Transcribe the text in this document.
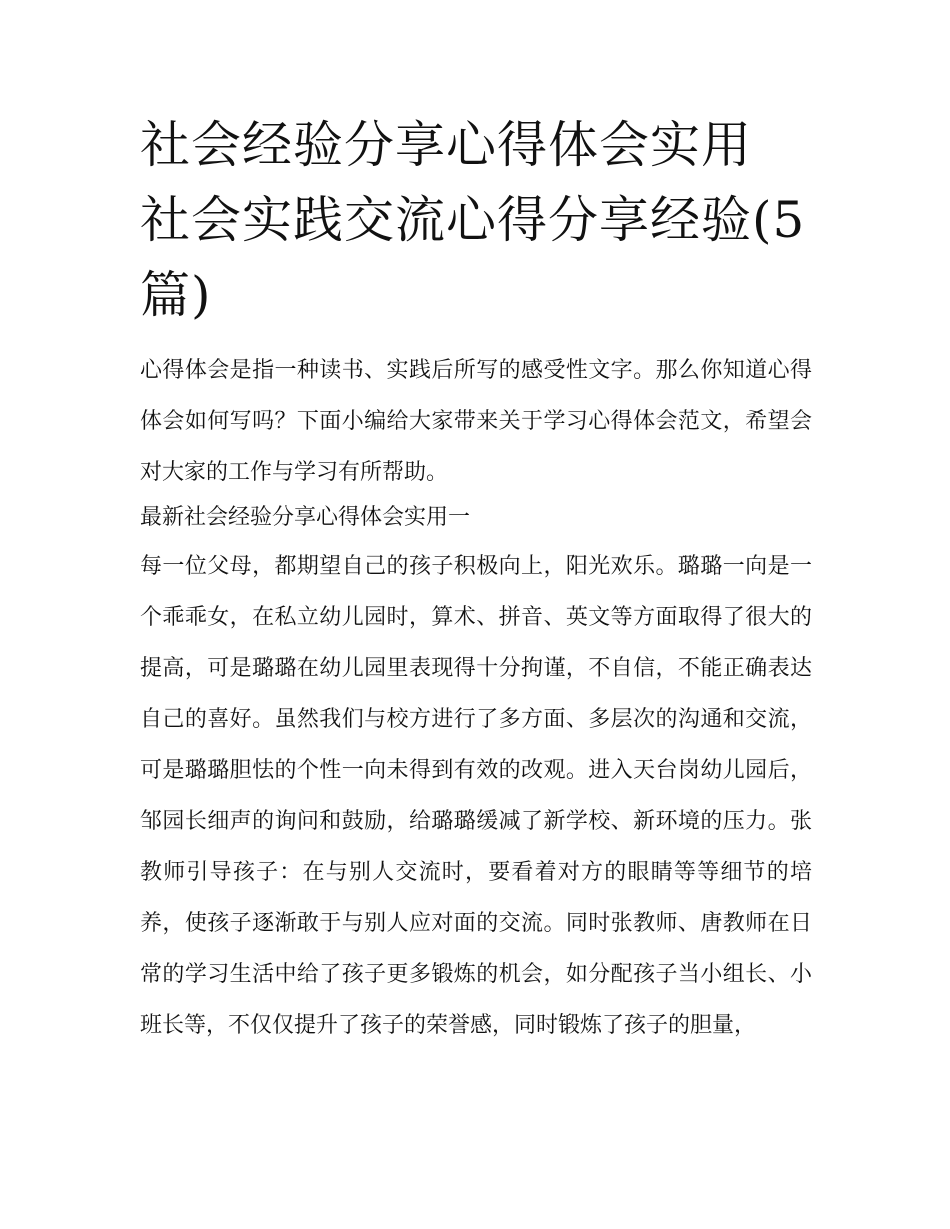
社会经验分享心得体会实用 社会实践交流心得分享经验(5篇)

心得体会是指一种读书、实践后所写的感受性文字。那么你知道心得体会如何写吗？下面小编给大家带来关于学习心得体会范文，希望会对大家的工作与学习有所帮助。

最新社会经验分享心得体会实用一

每一位父母，都期望自己的孩子积极向上，阳光欢乐。璐璐一向是一个乖乖女，在私立幼儿园时，算术、拼音、英文等方面取得了很大的提高，可是璐璐在幼儿园里表现得十分拘谨，不自信，不能正确表达自己的喜好。虽然我们与校方进行了多方面、多层次的沟通和交流，可是璐璐胆怯的个性一向未得到有效的改观。进入天台岗幼儿园后，邹园长细声的询问和鼓励，给璐璐缓减了新学校、新环境的压力。张教师引导孩子：在与别人交流时，要看着对方的眼睛等等细节的培养，使孩子逐渐敢于与别人应对面的交流。同时张教师、唐教师在日常的学习生活中给了孩子更多锻炼的机会，如分配孩子当小组长、小班长等，不仅仅提升了孩子的荣誉感，同时锻炼了孩子的胆量，
